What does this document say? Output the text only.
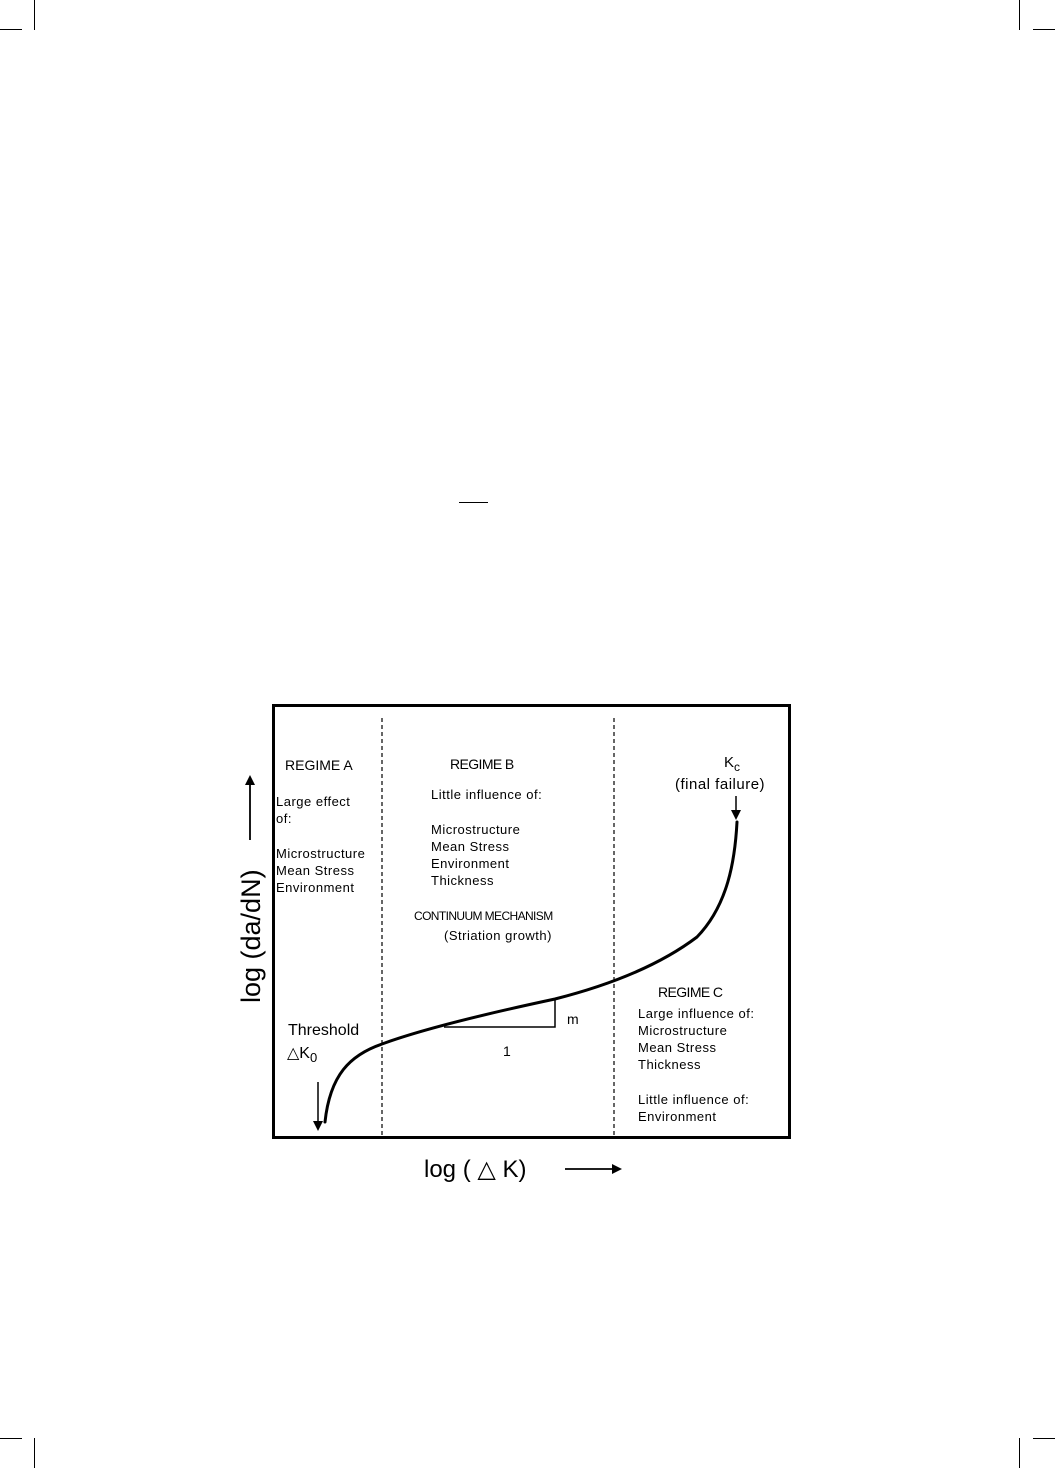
log (da/dN)
log ( △ K)
REGIME A
Large effect
of:
Microstructure
Mean Stress
Environment
REGIME B
Little influence of:
Microstructure
Mean Stress
Environment
Thickness
CONTINUUM MECHANISM
(Striation growth)
$K_c$
(final failure)
REGIME C
Large influence of:
Microstructure
Mean Stress
Thickness
Little influence of:
Environment
Threshold
$\triangle K_0$
m
1
